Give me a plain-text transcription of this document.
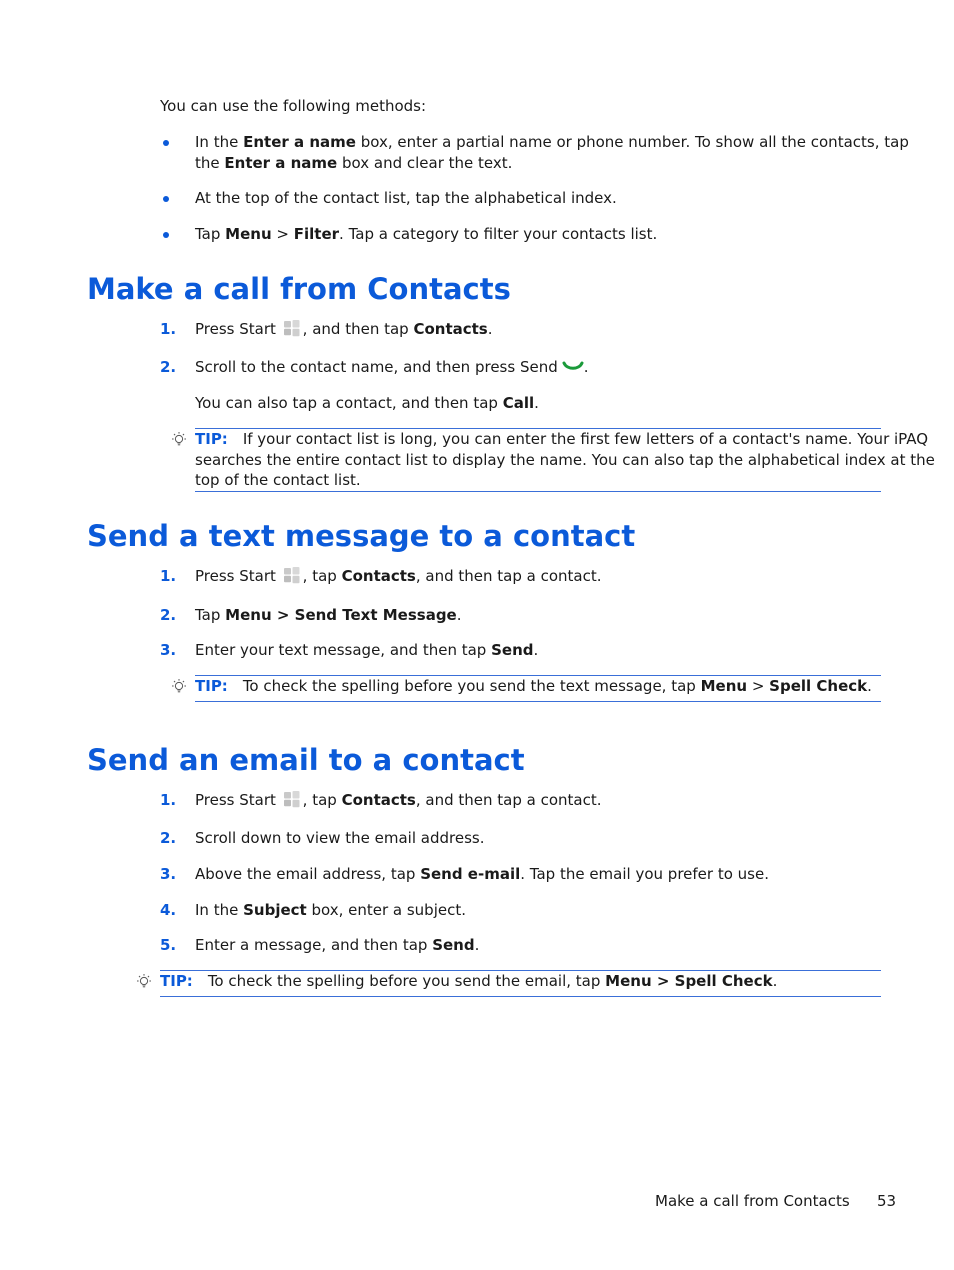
You can use the following methods:
In the Enter a name box, enter a partial name or phone number. To show all the contacts, tap
the Enter a name box and clear the text.
At the top of the contact list, tap the alphabetical index.
Tap Menu > Filter. Tap a category to filter your contacts list.
Make a call from Contacts
1. Press Start , and then tap Contacts.
2. Scroll to the contact name, and then press Send .
You can also tap a contact, and then tap Call.
TIP: If your contact list is long, you can enter the first few letters of a contact's name. Your iPAQ
searches the entire contact list to display the name. You can also tap the alphabetical index at the
top of the contact list.
Send a text message to a contact
1. Press Start , tap Contacts, and then tap a contact.
2. Tap Menu > Send Text Message.
3. Enter your text message, and then tap Send.
TIP: To check the spelling before you send the text message, tap Menu > Spell Check.
Send an email to a contact
1. Press Start , tap Contacts, and then tap a contact.
2. Scroll down to view the email address.
3. Above the email address, tap Send e-mail. Tap the email you prefer to use.
4. In the Subject box, enter a subject.
5. Enter a message, and then tap Send.
TIP: To check the spelling before you send the email, tap Menu > Spell Check.
Make a call from Contacts 53
